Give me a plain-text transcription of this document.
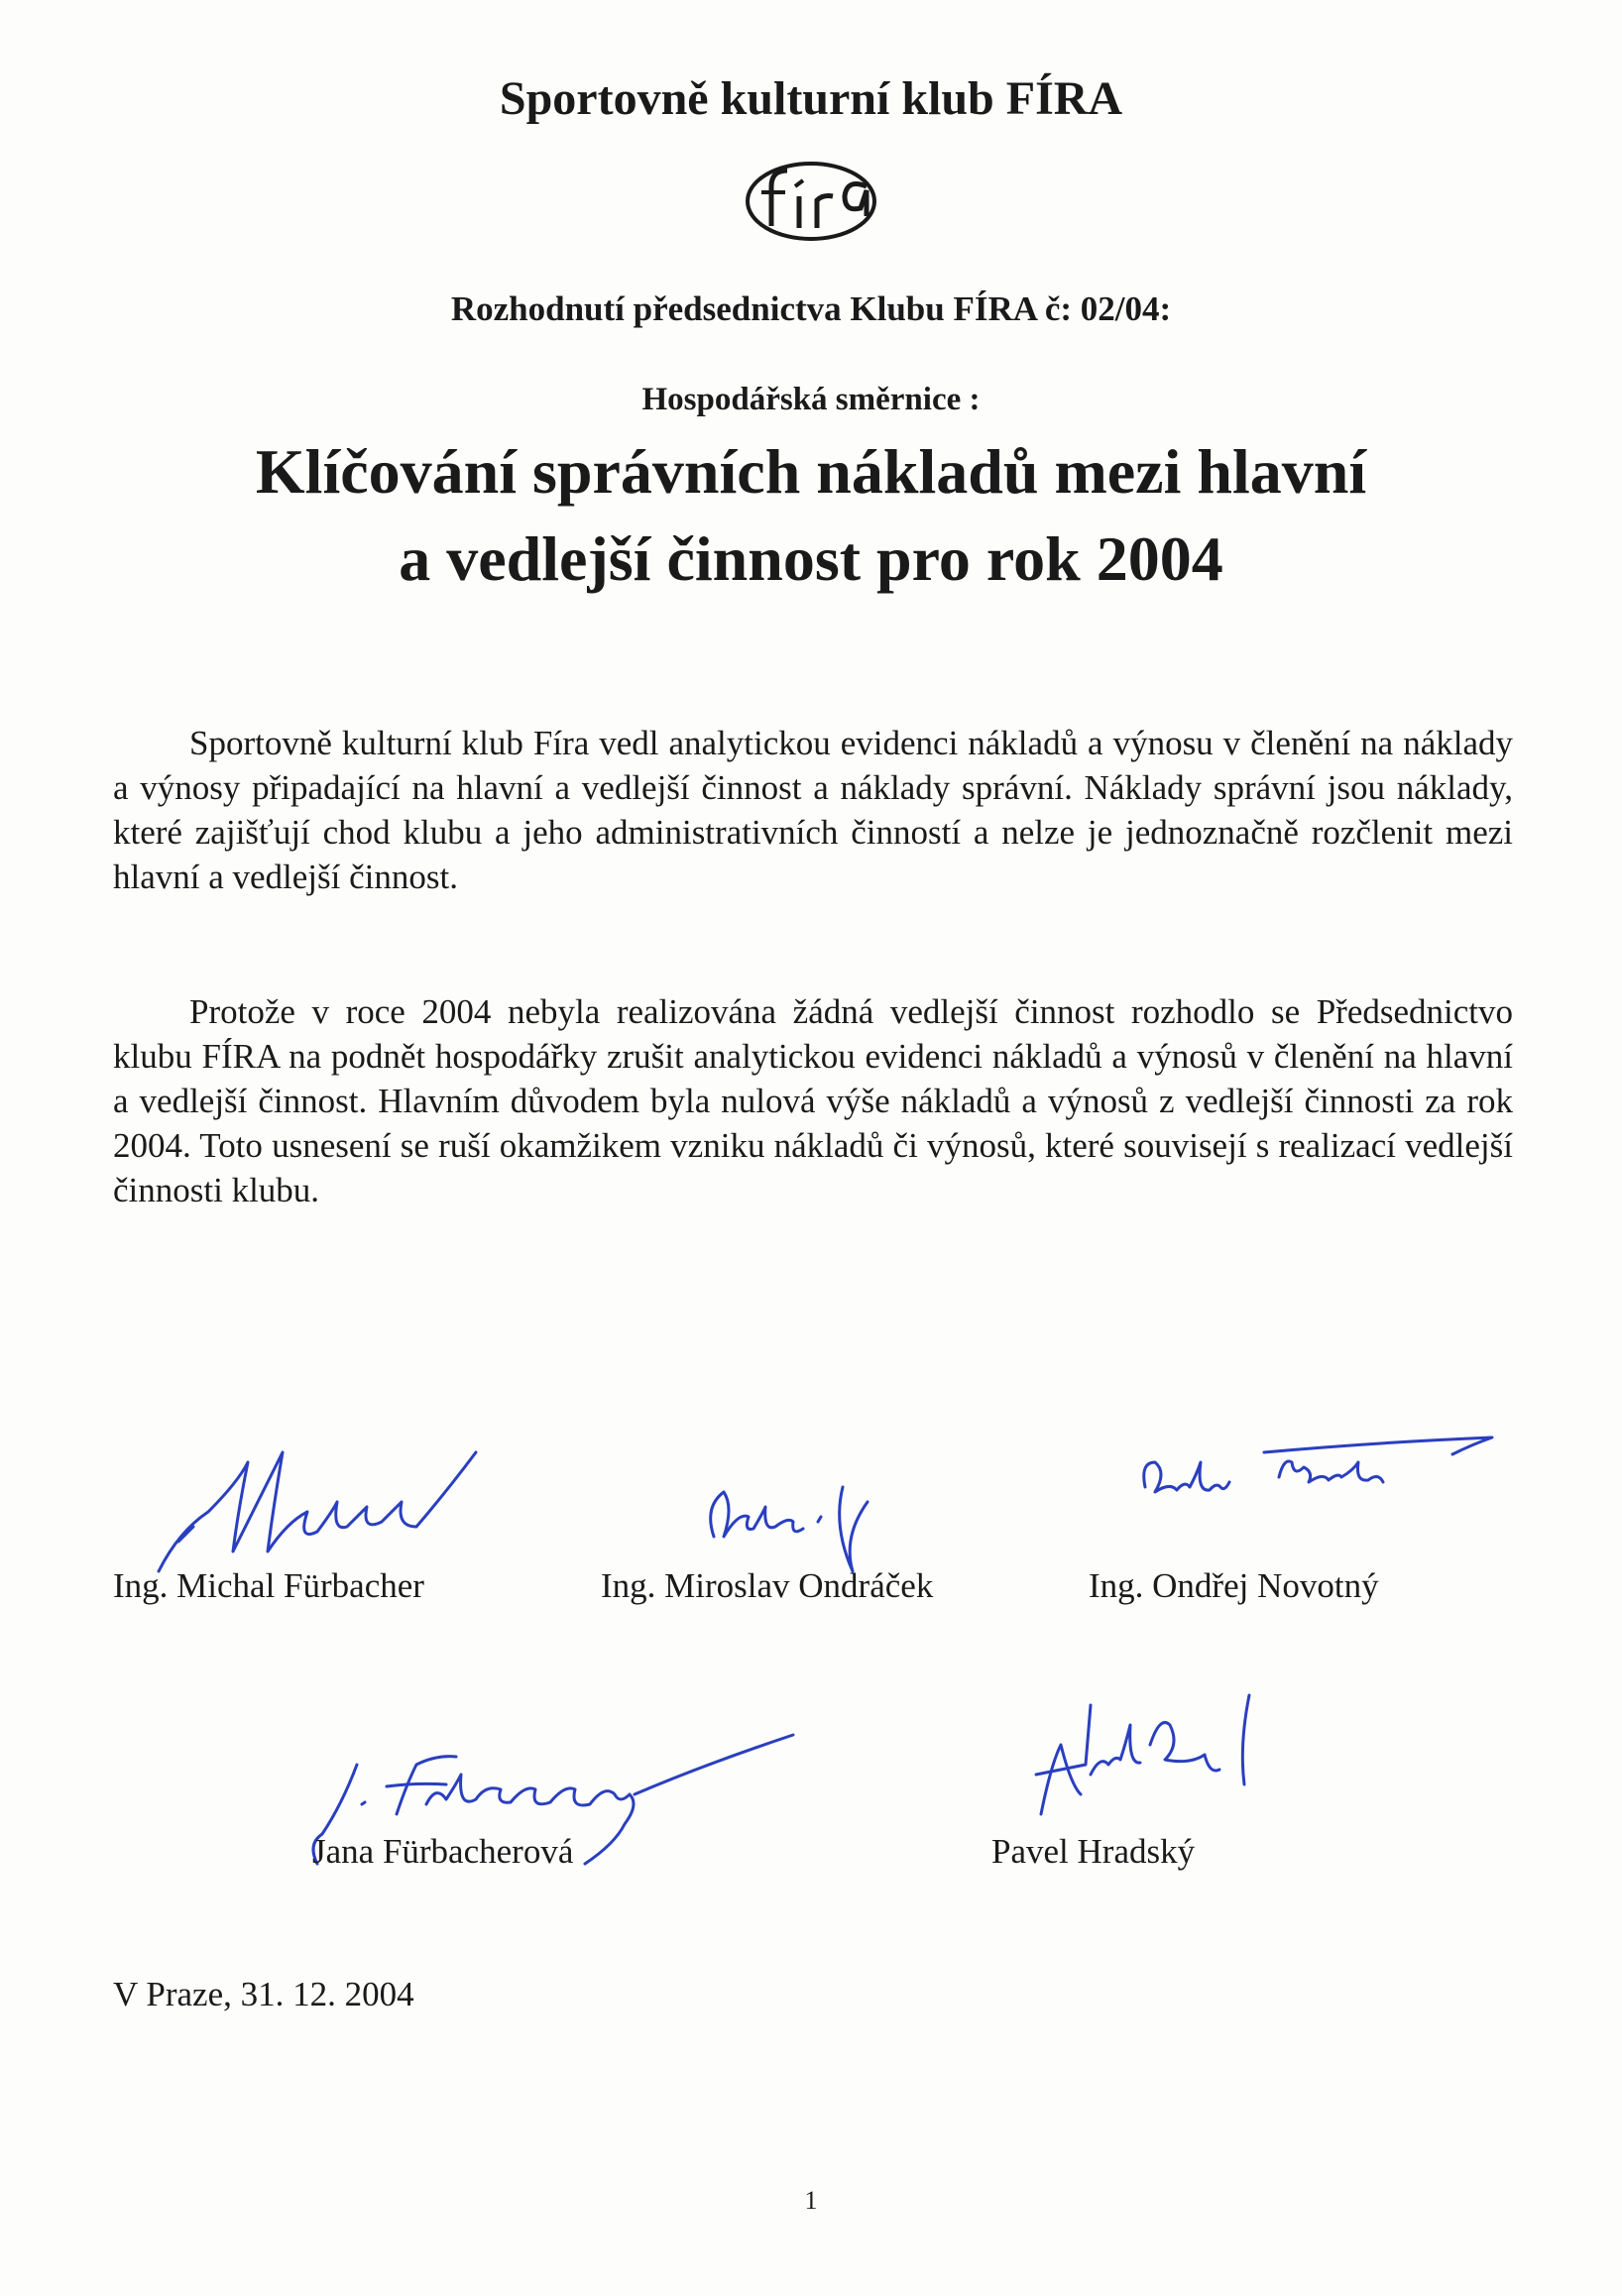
Sportovně kulturní klub FÍRA
Rozhodnutí předsednictva Klubu FÍRA č: 02/04:
Hospodářská směrnice :
Klíčování správních nákladů mezi hlavní
a vedlejší činnost pro rok 2004

Sportovně kulturní klub Fíra vedl analytickou evidenci nákladů a výnosu v členění na náklady a výnosy připadající na hlavní a vedlejší činnost a náklady správní. Náklady správní jsou náklady, které zajišťují chod klubu a jeho administrativních činností a nelze je jednoznačně rozčlenit mezi hlavní a vedlejší činnost.

Protože v roce 2004 nebyla realizována žádná vedlejší činnost rozhodlo se Předsednictvo klubu FÍRA na podnět hospodářky zrušit analytickou evidenci nákladů a výnosů v členění na hlavní a vedlejší činnost. Hlavním důvodem byla nulová výše nákladů a výnosů z vedlejší činnosti za rok 2004. Toto usnesení se ruší okamžikem vzniku nákladů či výnosů, které souvisejí s realizací vedlejší činnosti klubu.

Ing. Michal Fürbacher	Ing. Miroslav Ondráček	Ing. Ondřej Novotný
Jana Fürbacherová	Pavel Hradský
V Praze, 31. 12. 2004
1
